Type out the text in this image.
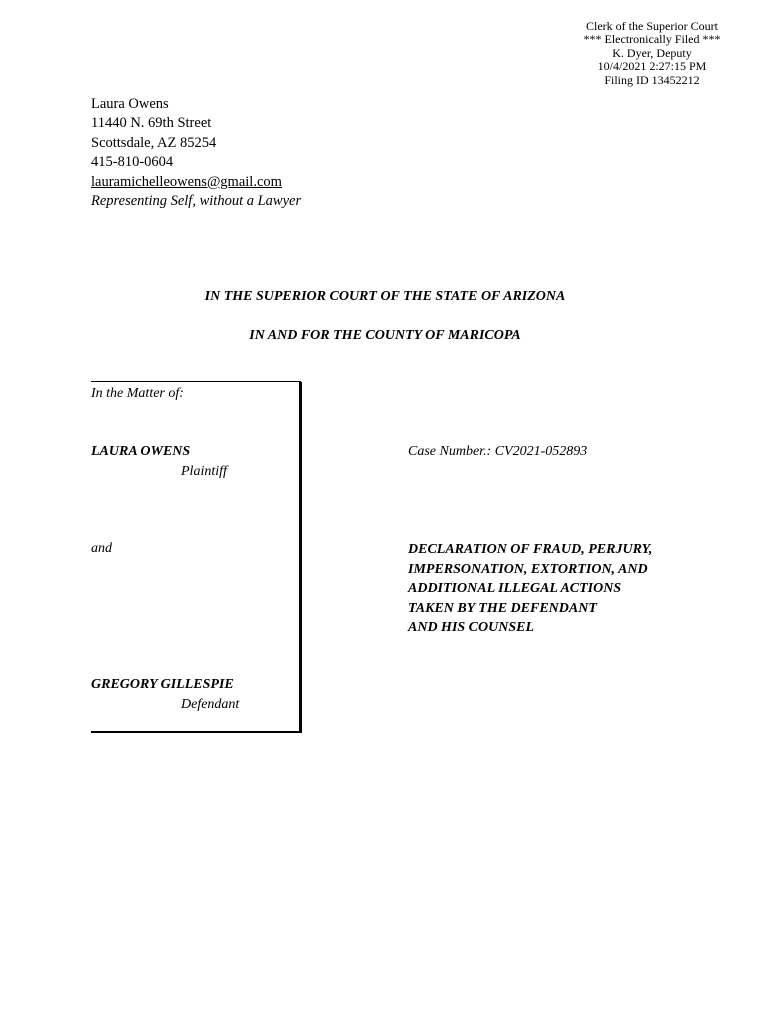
Clerk of the Superior Court
*** Electronically Filed ***
K. Dyer, Deputy
10/4/2021 2:27:15 PM
Filing ID 13452212
Laura Owens
11440 N. 69th Street
Scottsdale, AZ 85254
415-810-0604
lauramichelleowens@gmail.com
Representing Self, without a Lawyer
IN THE SUPERIOR COURT OF THE STATE OF ARIZONA
IN AND FOR THE COUNTY OF MARICOPA
In the Matter of:
LAURA OWENS
Plaintiff
and
GREGORY GILLESPIE
Defendant
Case Number.: CV2021-052893
DECLARATION OF FRAUD, PERJURY,
IMPERSONATION, EXTORTION, AND
ADDITIONAL ILLEGAL ACTIONS
TAKEN BY THE DEFENDANT
AND HIS COUNSEL
